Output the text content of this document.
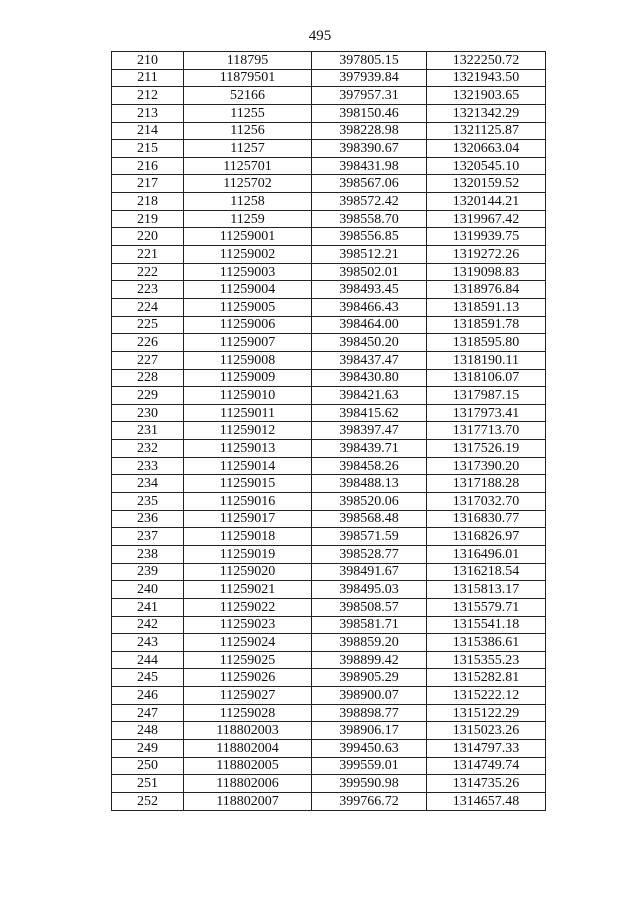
495
210	118795	397805.15	1322250.72
211	11879501	397939.84	1321943.50
212	52166	397957.31	1321903.65
213	11255	398150.46	1321342.29
214	11256	398228.98	1321125.87
215	11257	398390.67	1320663.04
216	1125701	398431.98	1320545.10
217	1125702	398567.06	1320159.52
218	11258	398572.42	1320144.21
219	11259	398558.70	1319967.42
220	11259001	398556.85	1319939.75
221	11259002	398512.21	1319272.26
222	11259003	398502.01	1319098.83
223	11259004	398493.45	1318976.84
224	11259005	398466.43	1318591.13
225	11259006	398464.00	1318591.78
226	11259007	398450.20	1318595.80
227	11259008	398437.47	1318190.11
228	11259009	398430.80	1318106.07
229	11259010	398421.63	1317987.15
230	11259011	398415.62	1317973.41
231	11259012	398397.47	1317713.70
232	11259013	398439.71	1317526.19
233	11259014	398458.26	1317390.20
234	11259015	398488.13	1317188.28
235	11259016	398520.06	1317032.70
236	11259017	398568.48	1316830.77
237	11259018	398571.59	1316826.97
238	11259019	398528.77	1316496.01
239	11259020	398491.67	1316218.54
240	11259021	398495.03	1315813.17
241	11259022	398508.57	1315579.71
242	11259023	398581.71	1315541.18
243	11259024	398859.20	1315386.61
244	11259025	398899.42	1315355.23
245	11259026	398905.29	1315282.81
246	11259027	398900.07	1315222.12
247	11259028	398898.77	1315122.29
248	118802003	398906.17	1315023.26
249	118802004	399450.63	1314797.33
250	118802005	399559.01	1314749.74
251	118802006	399590.98	1314735.26
252	118802007	399766.72	1314657.48
